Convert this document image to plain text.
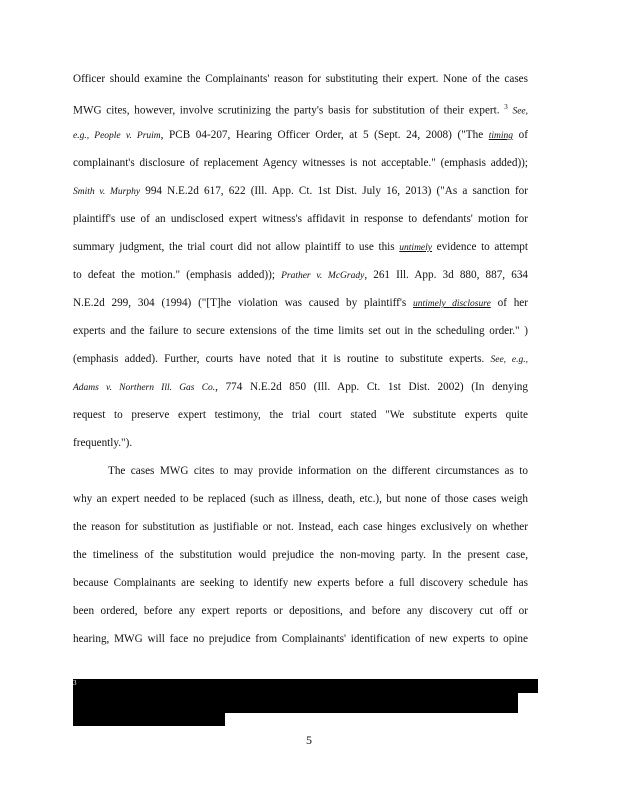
Officer should examine the Complainants' reason for substituting their expert. None of the cases
MWG cites, however, involve scrutinizing the party's basis for substitution of their expert. $^3$ See,
e.g., People v. Pruim, PCB 04-207, Hearing Officer Order, at 5 (Sept. 24, 2008) ("The timing of
complainant's disclosure of replacement Agency witnesses is not acceptable." (emphasis added));
Smith v. Murphy 994 N.E.2d 617, 622 (Ill. App. Ct. 1st Dist. July 16, 2013) ("As a sanction for
plaintiff's use of an undisclosed expert witness's affidavit in response to defendants' motion for
summary judgment, the trial court did not allow plaintiff to use this untimely evidence to attempt
to defeat the motion." (emphasis added)); Prather v. McGrady, 261 Ill. App. 3d 880, 887, 634
N.E.2d 299, 304 (1994) ("[T]he violation was caused by plaintiff's untimely disclosure of her
experts and the failure to secure extensions of the time limits set out in the scheduling order." )
(emphasis added). Further, courts have noted that it is routine to substitute experts. See, e.g.,
Adams v. Northern Ill. Gas Co., 774 N.E.2d 850 (Ill. App. Ct. 1st Dist. 2002) (In denying
request to preserve expert testimony, the trial court stated "We substitute experts quite
frequently.").
The cases MWG cites to may provide information on the different circumstances as to
why an expert needed to be replaced (such as illness, death, etc.), but none of those cases weigh
the reason for substitution as justifiable or not. Instead, each case hinges exclusively on whether
the timeliness of the substitution would prejudice the non-moving party. In the present case,
because Complainants are seeking to identify new experts before a full discovery schedule has
been ordered, before any expert reports or depositions, and before any discovery cut off or
hearing, MWG will face no prejudice from Complainants' identification of new experts to opine
3
5
